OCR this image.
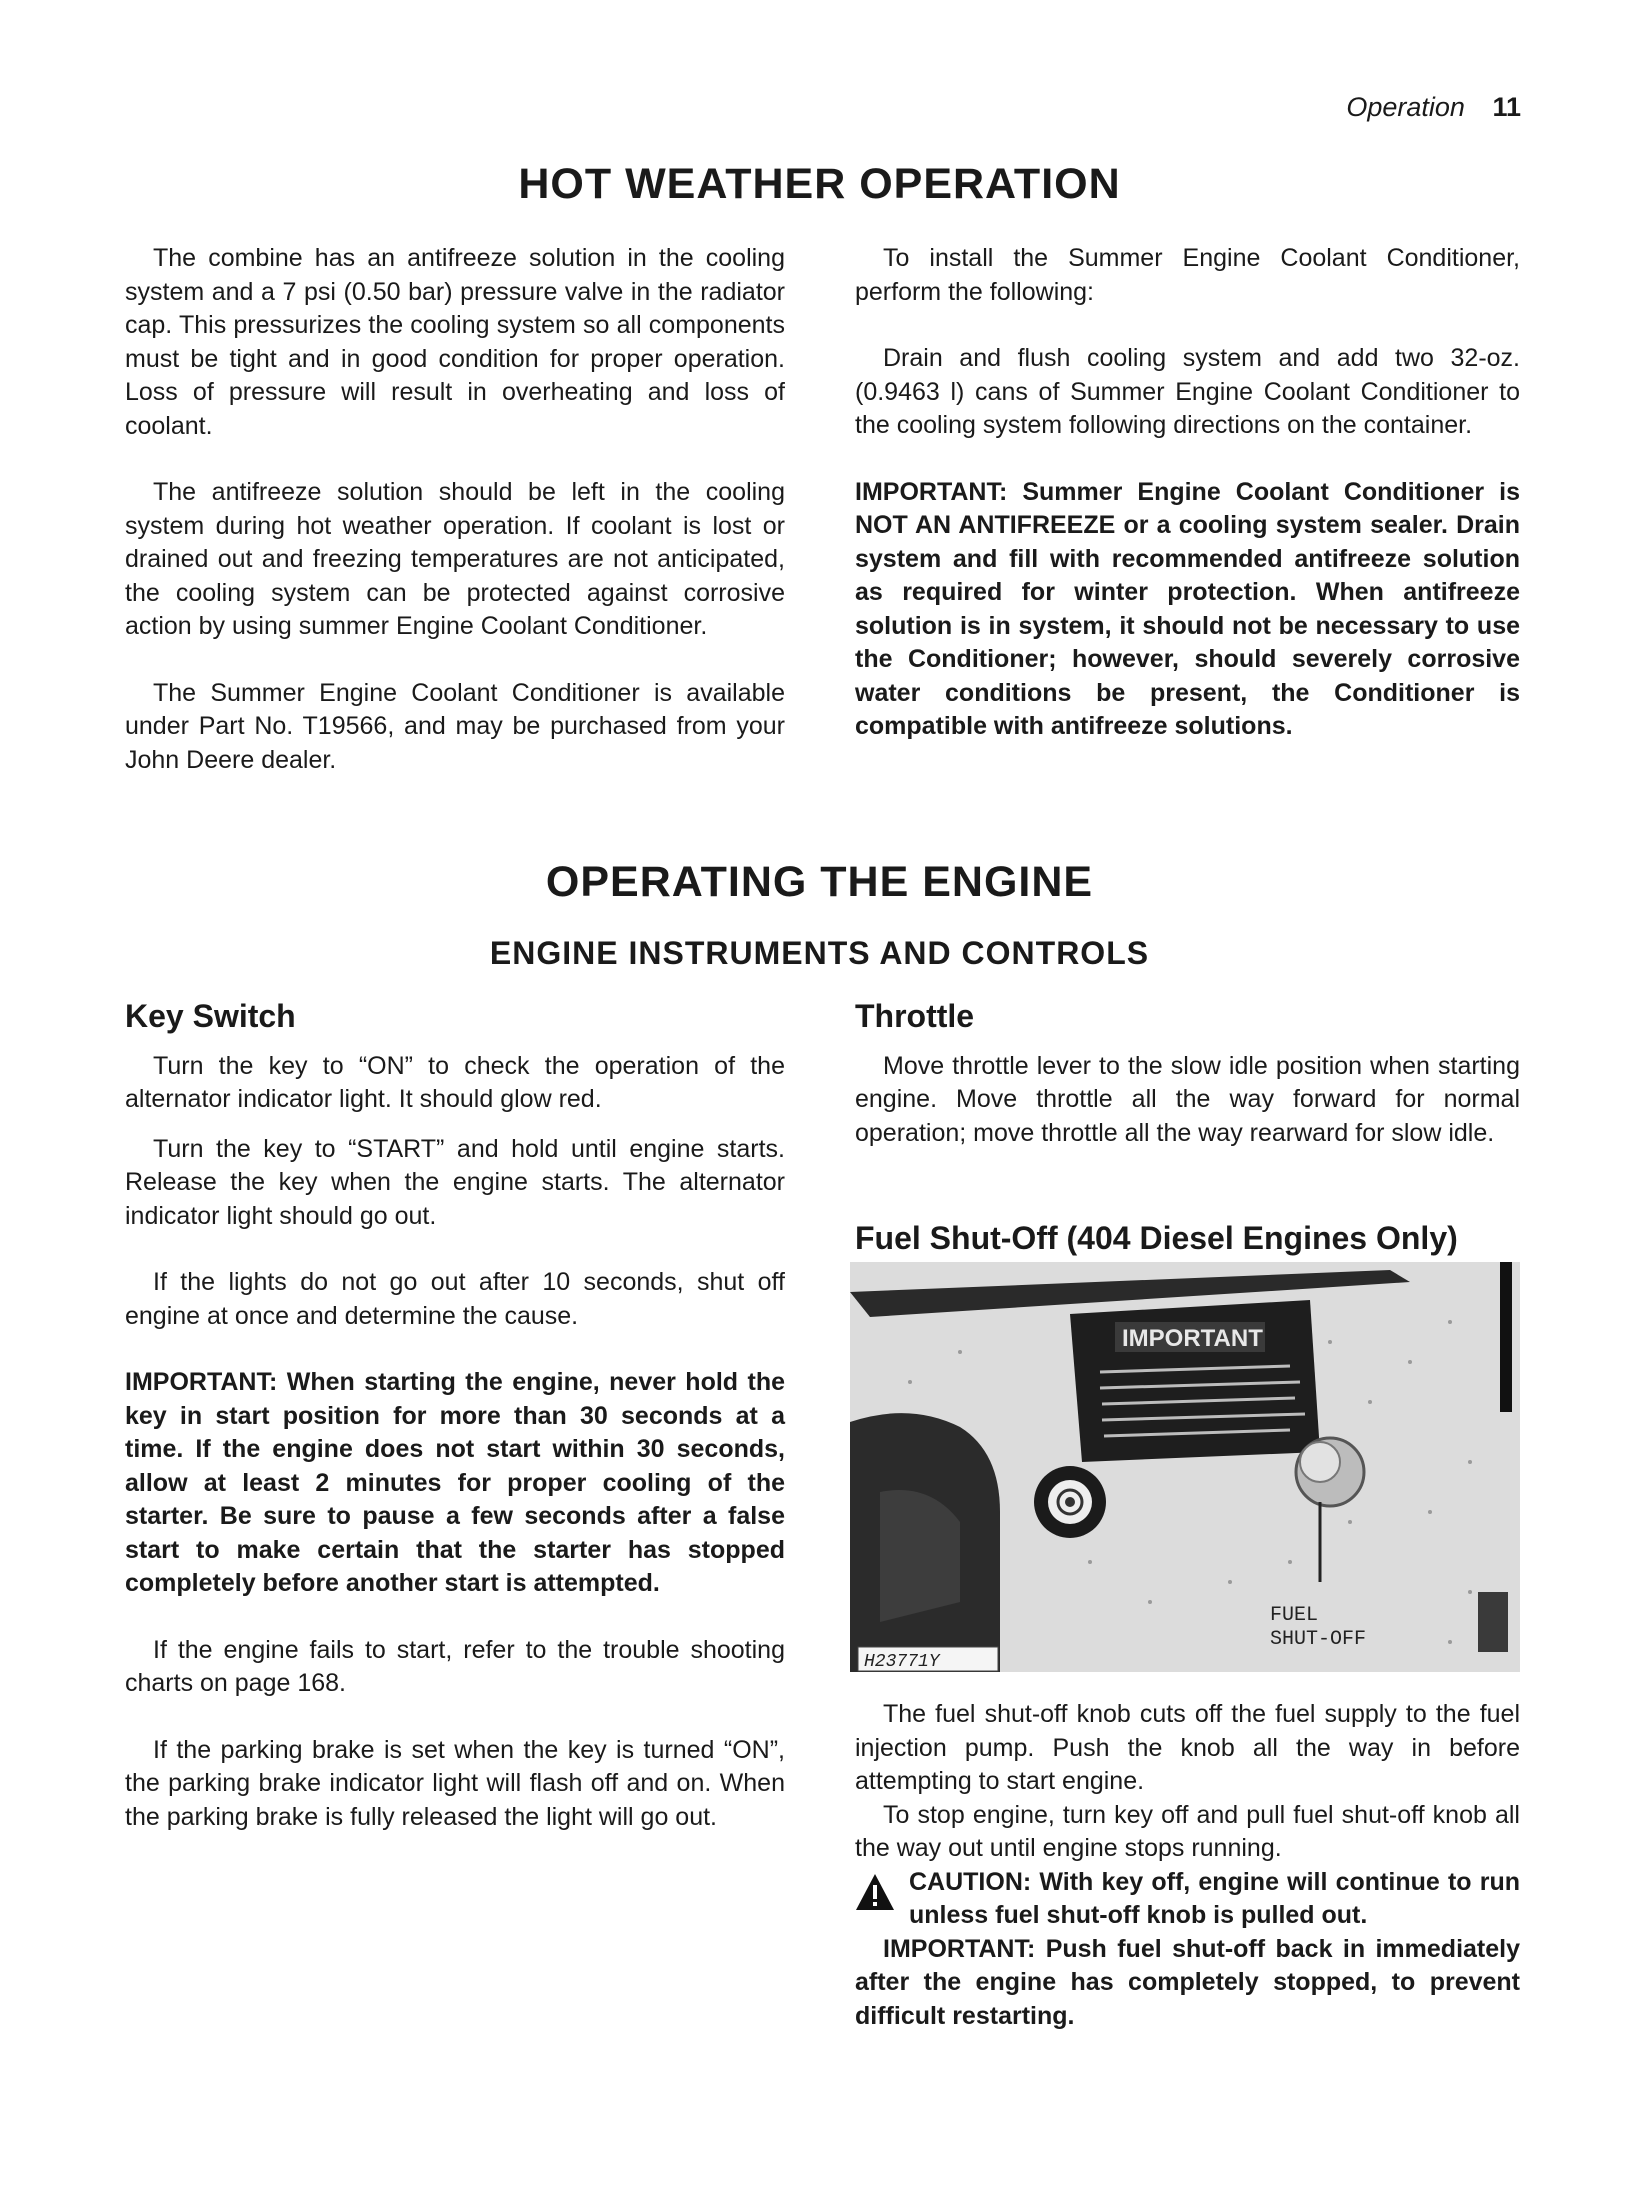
Operation 11
HOT WEATHER OPERATION

The combine has an antifreeze solution in the cooling system and a 7 psi (0.50 bar) pressure valve in the radiator cap. This pressurizes the cooling system so all components must be tight and in good condition for proper operation. Loss of pressure will result in overheating and loss of coolant.

The antifreeze solution should be left in the cooling system during hot weather operation. If coolant is lost or drained out and freezing temperatures are not anticipated, the cooling system can be protected against corrosive action by using summer Engine Coolant Conditioner.

The Summer Engine Coolant Conditioner is available under Part No. T19566, and may be purchased from your John Deere dealer.

To install the Summer Engine Coolant Conditioner, perform the following:

Drain and flush cooling system and add two 32-oz. (0.9463 l) cans of Summer Engine Coolant Conditioner to the cooling system following directions on the container.

IMPORTANT: Summer Engine Coolant Conditioner is NOT AN ANTIFREEZE or a cooling system sealer. Drain system and fill with recommended antifreeze solution as required for winter protection. When antifreeze solution is in system, it should not be necessary to use the Conditioner; however, should severely corrosive water conditions be present, the Conditioner is compatible with antifreeze solutions.

OPERATING THE ENGINE
ENGINE INSTRUMENTS AND CONTROLS
Key Switch

Turn the key to “ON” to check the operation of the alternator indicator light. It should glow red.

Turn the key to “START” and hold until engine starts. Release the key when the engine starts. The alternator indicator light should go out.

If the lights do not go out after 10 seconds, shut off engine at once and determine the cause.

IMPORTANT: When starting the engine, never hold the key in start position for more than 30 seconds at a time. If the engine does not start within 30 seconds, allow at least 2 minutes for proper cooling of the starter. Be sure to pause a few seconds after a false start to make certain that the starter has stopped completely before another start is attempted.

If the engine fails to start, refer to the trouble shooting charts on page 168.

If the parking brake is set when the key is turned “ON”, the parking brake indicator light will flash off and on. When the parking brake is fully released the light will go out.

Throttle

Move throttle lever to the slow idle position when starting engine. Move throttle all the way forward for normal operation; move throttle all the way rearward for slow idle.

Fuel Shut-Off (404 Diesel Engines Only)
IMPORTANT
FUEL
SHUT-OFF
H23771Y

The fuel shut-off knob cuts off the fuel supply to the fuel injection pump. Push the knob all the way in before attempting to start engine.

To stop engine, turn key off and pull fuel shut-off knob all the way out until engine stops running.

CAUTION: With key off, engine will continue to run unless fuel shut-off knob is pulled out.

IMPORTANT: Push fuel shut-off back in immediately after the engine has completely stopped, to prevent difficult restarting.
